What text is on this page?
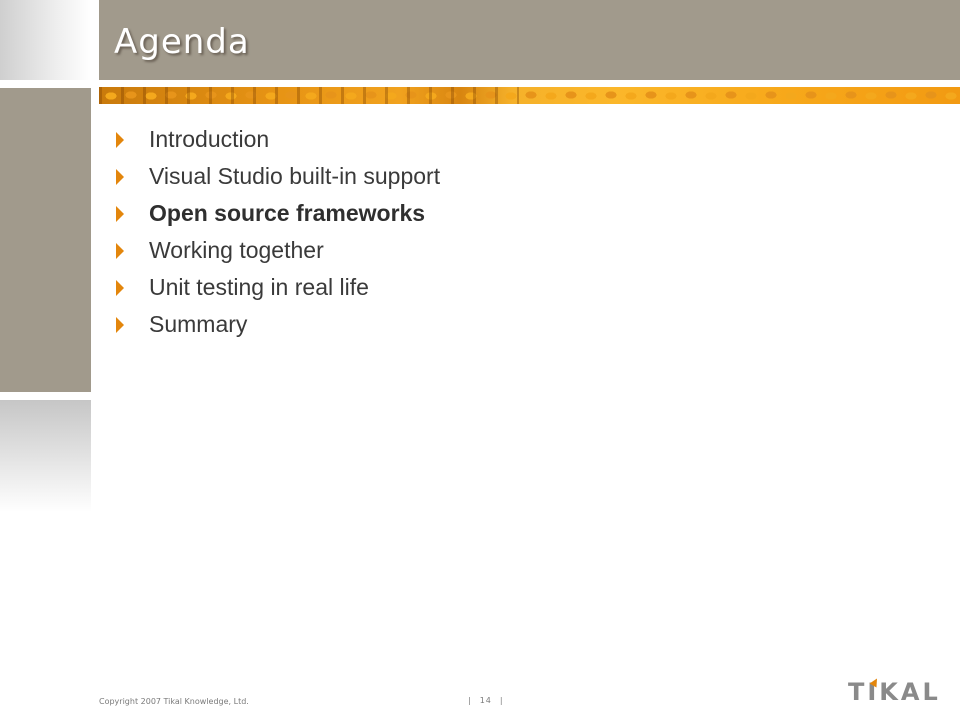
Agenda
Introduction
Visual Studio built-in support
Open source frameworks
Working together
Unit testing in real life
Summary
Copyright 2007 Tikal Knowledge, Ltd.	| 14 |	TIKAL
